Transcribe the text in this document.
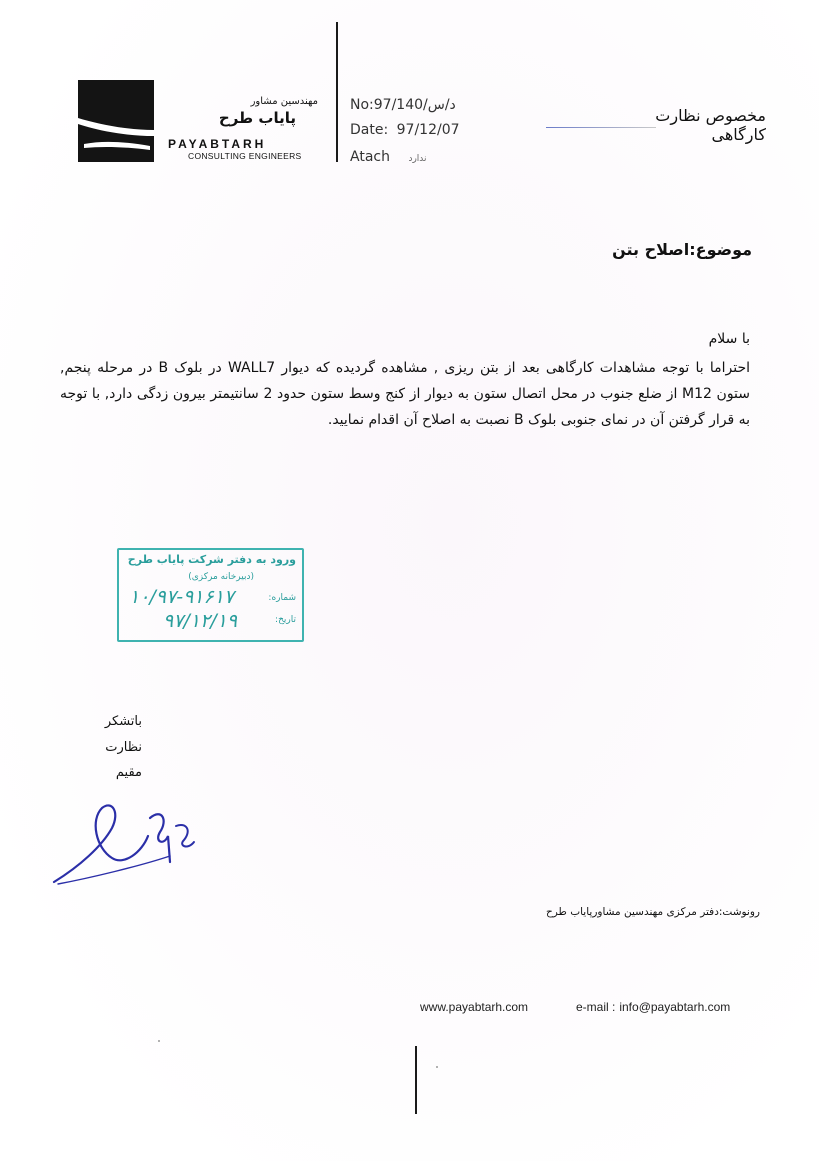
مهندسین مشاور
پایاب طرح
PAYABTARH
CONSULTING ENGINEERS
No:97/د/س/140
Date: 97/12/07
Atach ندارد
مخصوص نظارت کارگاهی
موضوع:اصلاح بتن
با سلام
احتراما با توجه مشاهدات کارگاهی بعد از بتن ریزی , مشاهده گردیده که دیوار WALL7 در بلوک B در مرحله پنجم, ستون M12 از ضلع جنوب در محل اتصال ستون به دیوار از کنج وسط ستون حدود 2 سانتیمتر بیرون زدگی دارد, با توجه به قرار گرفتن آن در نمای جنوبی بلوک B نصبت به اصلاح آن اقدام نمایید.
ورود به دفتر شرکت پایاب طرح
(دبیرخانه مرکزی)
شماره:
۱۰/۹۷-۹۱۶۱۷
تاریخ:
۹۷/۱۲/۱۹
باتشکر
نظارت
مقیم
رونوشت:دفتر مرکزی مهندسین مشاورپایاب طرح
www.payabtarh.com	e-mail : info@payabtarh.com
